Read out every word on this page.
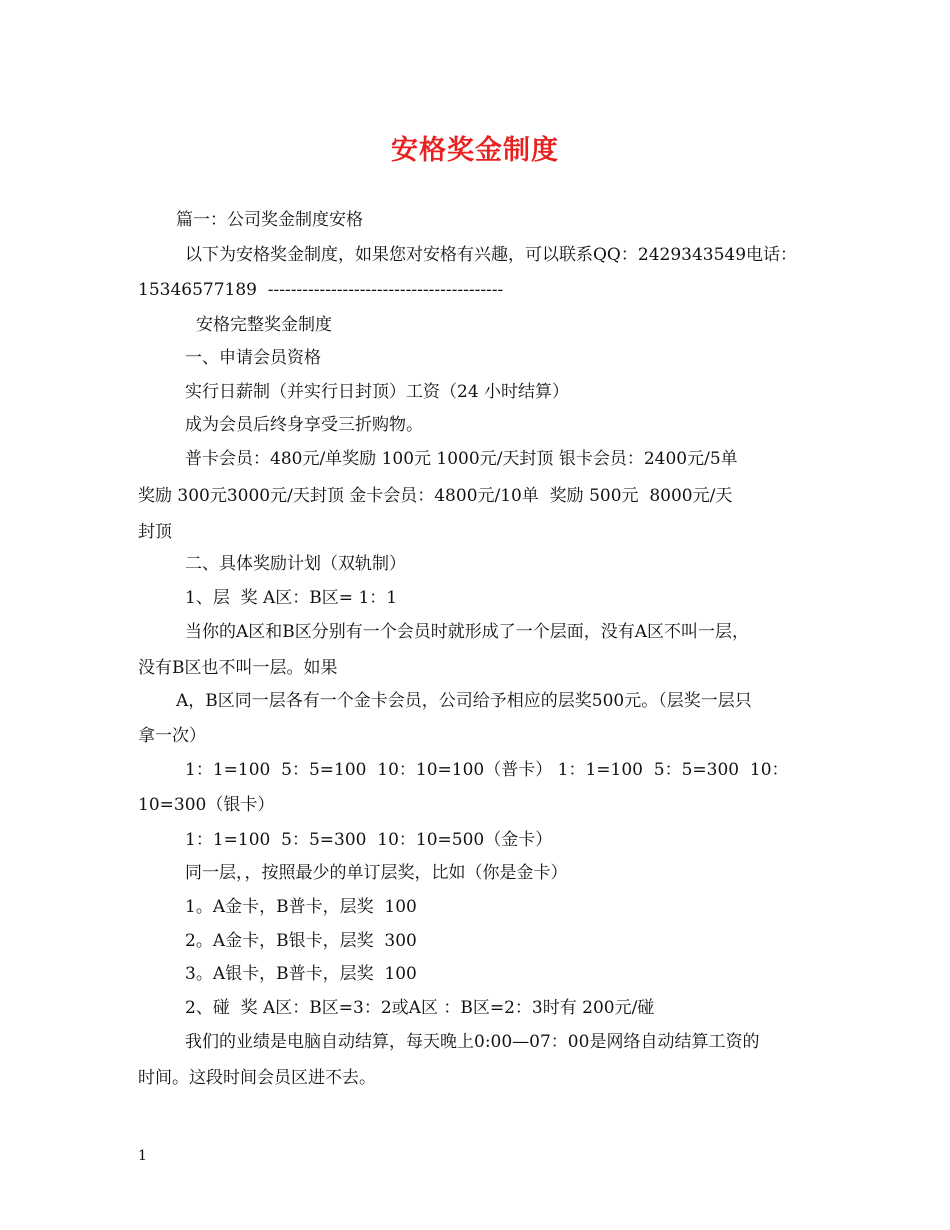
安格奖金制度
篇一：公司奖金制度安格
以下为安格奖金制度，如果您对安格有兴趣，可以联系QQ：2429343549电话：
15346577189  -----------------------------------------
安格完整奖金制度
一、申请会员资格
实行日薪制（并实行日封顶）工资（24 小时结算）
成为会员后终身享受三折购物。
普卡会员：480元/单奖励 100元 1000元/天封顶 银卡会员：2400元/5单
奖励 300元3000元/天封顶 金卡会员：4800元/10单  奖励 500元  8000元/天
封顶
二、具体奖励计划（双轨制）
1、层  奖 A区：B区= 1：1
当你的A区和B区分别有一个会员时就形成了一个层面，没有A区不叫一层，
没有B区也不叫一层。如果
A，B区同一层各有一个金卡会员，公司给予相应的层奖500元。（层奖一层只
拿一次）
1：1=100  5：5=100  10：10=100（普卡） 1：1=100  5：5=300  10：
10=300（银卡）
1：1=100  5：5=300  10：10=500（金卡）
同一层，，按照最少的单订层奖，比如（你是金卡）
1。A金卡，B普卡，层奖  100
2。A金卡，B银卡，层奖  300
3。A银卡，B普卡，层奖  100
2、碰  奖 A区：B区=3：2或A区 ：B区=2：3时有 200元/碰
我们的业绩是电脑自动结算，每天晚上0:00—07：00是网络自动结算工资的
时间。这段时间会员区进不去。
1
